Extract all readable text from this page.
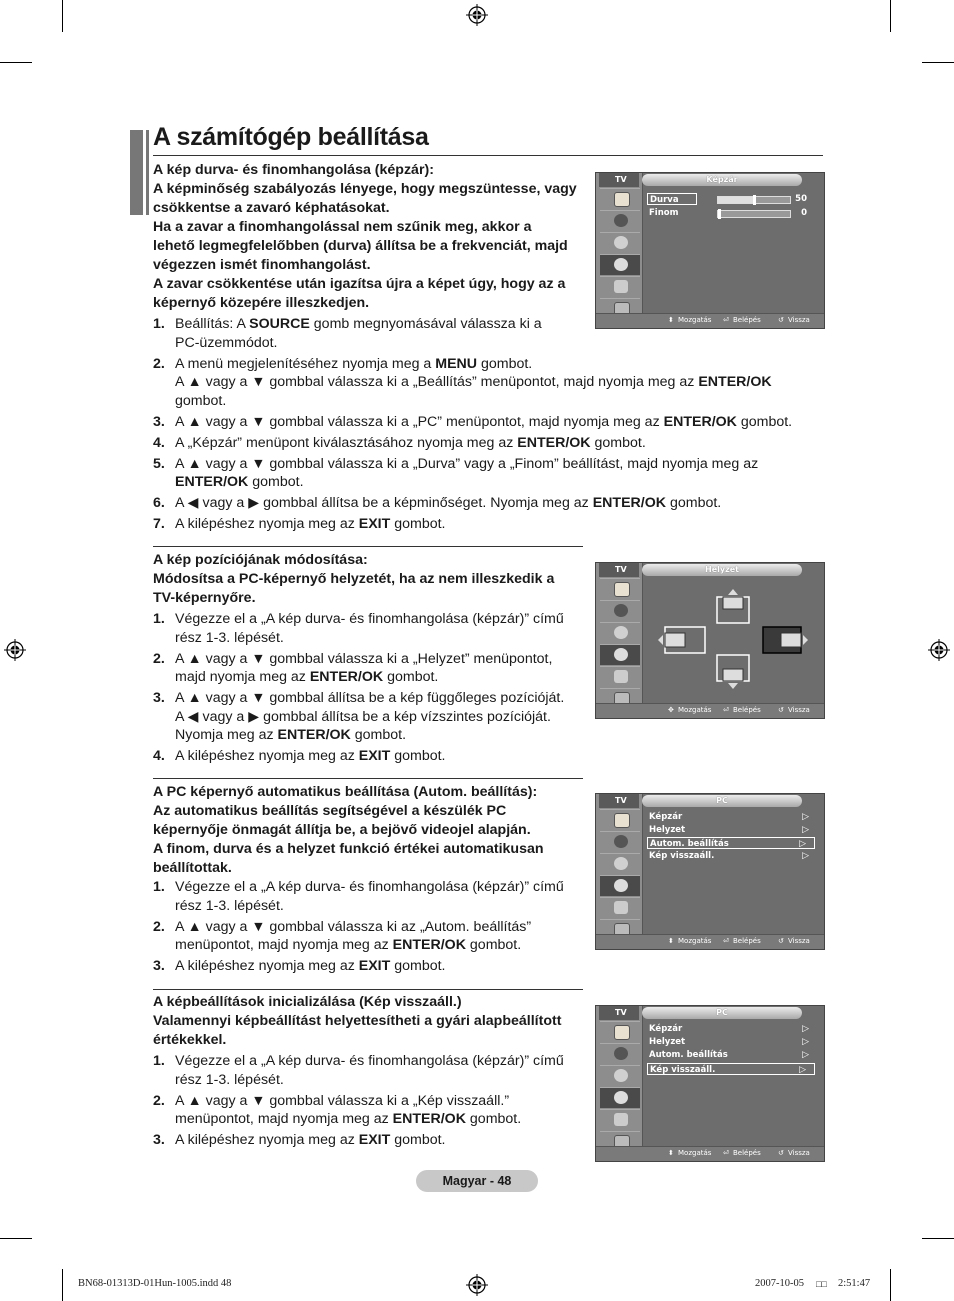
A számítógép beállítása
A kép durva- és finomhangolása (képzár):
A képminőség szabályozás lényege, hogy megszüntesse, vagy
csökkentse a zavaró képhatásokat.
Ha a zavar a finomhangolással nem szűnik meg, akkor a
lehető legmegfelelőbben (durva) állítsa be a frekvenciát, majd
végezzen ismét finomhangolást.
A zavar csökkentése után igazítsa újra a képet úgy, hogy az a
képernyő közepére illeszkedjen.
1. Beállítás: A SOURCE gomb megnyomásával válassza ki a
PC-üzemmódot.
2. A menü megjelenítéséhez nyomja meg a MENU gombot.
A ▲ vagy a ▼ gombbal válassza ki a „Beállítás” menüpontot, majd nyomja meg az ENTER/OK
gombot.
3. A ▲ vagy a ▼ gombbal válassza ki a „PC” menüpontot, majd nyomja meg az ENTER/OK gombot.
4. A „Képzár” menüpont kiválasztásához nyomja meg az ENTER/OK gombot.
5. A ▲ vagy a ▼ gombbal válassza ki a „Durva” vagy a „Finom” beállítást, majd nyomja meg az
ENTER/OK gombot.
6. A ◀ vagy a ▶ gombbal állítsa be a képminőséget. Nyomja meg az ENTER/OK gombot.
7. A kilépéshez nyomja meg az EXIT gombot.
A kép pozíciójának módosítása:
Módosítsa a PC-képernyő helyzetét, ha az nem illeszkedik a
TV-képernyőre.
1. Végezze el a „A kép durva- és finomhangolása (képzár)” című
rész 1-3. lépését.
2. A ▲ vagy a ▼ gombbal válassza ki a „Helyzet” menüpontot,
majd nyomja meg az ENTER/OK gombot.
3. A ▲ vagy a ▼ gombbal állítsa be a kép függőleges pozícióját.
A ◀ vagy a ▶ gombbal állítsa be a kép vízszintes pozícióját.
Nyomja meg az ENTER/OK gombot.
4. A kilépéshez nyomja meg az EXIT gombot.
A PC képernyő automatikus beállítása (Autom. beállítás):
Az automatikus beállítás segítségével a készülék PC
képernyője önmagát állítja be, a bejövő videojel alapján.
A finom, durva és a helyzet funkció értékei automatikusan
beállítottak.
1. Végezze el a „A kép durva- és finomhangolása (képzár)” című
rész 1-3. lépését.
2. A ▲ vagy a ▼ gombbal válassza ki az „Autom. beállítás”
menüpontot, majd nyomja meg az ENTER/OK gombot.
3. A kilépéshez nyomja meg az EXIT gombot.
A képbeállítások inicializálása (Kép visszaáll.)
Valamennyi képbeállítást helyettesítheti a gyári alapbeállított
értékekkel.
1. Végezze el a „A kép durva- és finomhangolása (képzár)” című
rész 1-3. lépését.
2. A ▲ vagy a ▼ gombbal válassza ki a „Kép visszaáll.”
menüpontot, majd nyomja meg az ENTER/OK gombot.
3. A kilépéshez nyomja meg az EXIT gombot.
TV	Képzár
Durva
Finom
50
0
⬍ Mozgatás ⏎ Belépés ↺ Vissza
TV	Helyzet
✥ Mozgatás ⏎ Belépés ↺ Vissza
TV	PC
Képzár	▷
Helyzet	▷
Autom. beállítás	▷
Kép visszaáll.	▷
⬍ Mozgatás ⏎ Belépés ↺ Vissza
TV	PC
Képzár	▷
Helyzet	▷
Autom. beállítás	▷
Kép visszaáll.	▷
⬍ Mozgatás ⏎ Belépés ↺ Vissza
Magyar - 48
BN68-01313D-01Hun-1005.indd 48	2007-10-05 □□ 2:51:47
